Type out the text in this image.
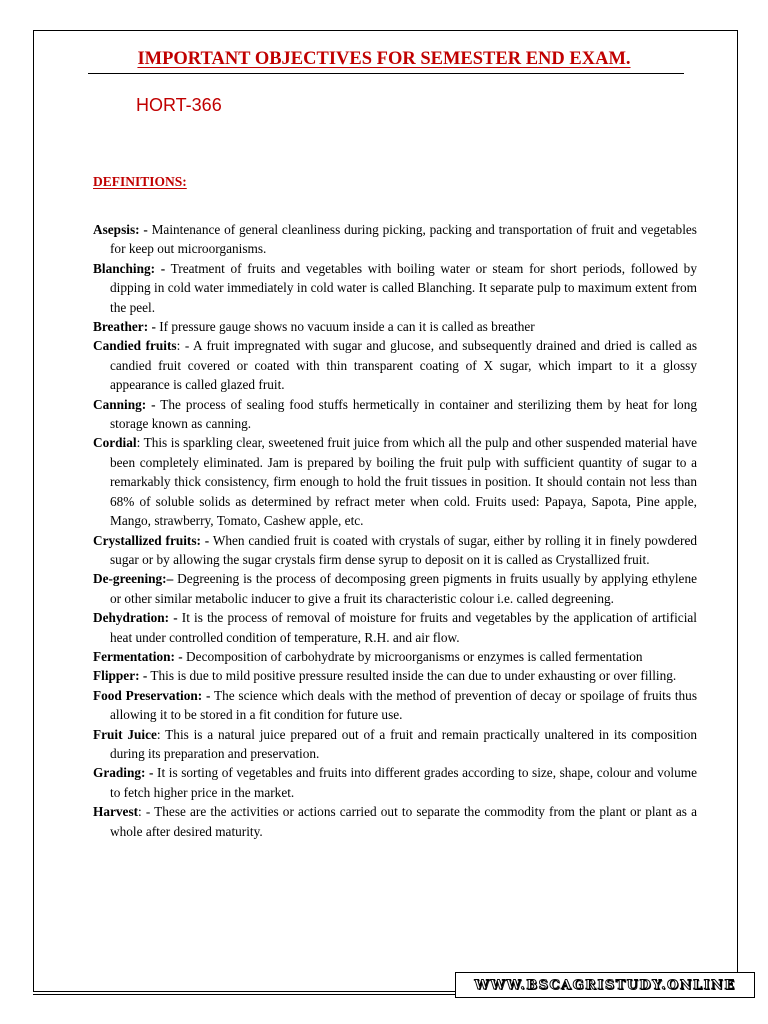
IMPORTANT OBJECTIVES FOR SEMESTER END EXAM.
HORT-366
DEFINITIONS:

Asepsis: - Maintenance of general cleanliness during picking, packing and transportation of fruit and vegetables for keep out microorganisms.

Blanching: - Treatment of fruits and vegetables with boiling water or steam for short periods, followed by dipping in cold water immediately in cold water is called Blanching. It separate pulp to maximum extent from the peel.

Breather: - If pressure gauge shows no vacuum inside a can it is called as breather

Candied fruits: - A fruit impregnated with sugar and glucose, and subsequently drained and dried is called as candied fruit covered or coated with thin transparent coating of X sugar, which impart to it a glossy appearance is called glazed fruit.

Canning: - The process of sealing food stuffs hermetically in container and sterilizing them by heat for long storage known as canning.

Cordial: This is sparkling clear, sweetened fruit juice from which all the pulp and other suspended material have been completely eliminated. Jam is prepared by boiling the fruit pulp with sufficient quantity of sugar to a remarkably thick consistency, firm enough to hold the fruit tissues in position. It should contain not less than 68% of soluble solids as determined by refract meter when cold. Fruits used: Papaya, Sapota, Pine apple, Mango, strawberry, Tomato, Cashew apple, etc.

Crystallized fruits: - When candied fruit is coated with crystals of sugar, either by rolling it in finely powdered sugar or by allowing the sugar crystals firm dense syrup to deposit on it is called as Crystallized fruit.

De-greening:– Degreening is the process of decomposing green pigments in fruits usually by applying ethylene or other similar metabolic inducer to give a fruit its characteristic colour i.e. called degreening.

Dehydration: - It is the process of removal of moisture for fruits and vegetables by the application of artificial heat under controlled condition of temperature, R.H. and air flow.

Fermentation: - Decomposition of carbohydrate by microorganisms or enzymes is called fermentation

Flipper: - This is due to mild positive pressure resulted inside the can due to under exhausting or over filling.

Food Preservation: - The science which deals with the method of prevention of decay or spoilage of fruits thus allowing it to be stored in a fit condition for future use.

Fruit Juice: This is a natural juice prepared out of a fruit and remain practically unaltered in its composition during its preparation and preservation.

Grading: - It is sorting of vegetables and fruits into different grades according to size, shape, colour and volume to fetch higher price in the market.

Harvest: - These are the activities or actions carried out to separate the commodity from the plant or plant as a whole after desired maturity.

WWW.BSCAGRISTUDY.ONLINE
